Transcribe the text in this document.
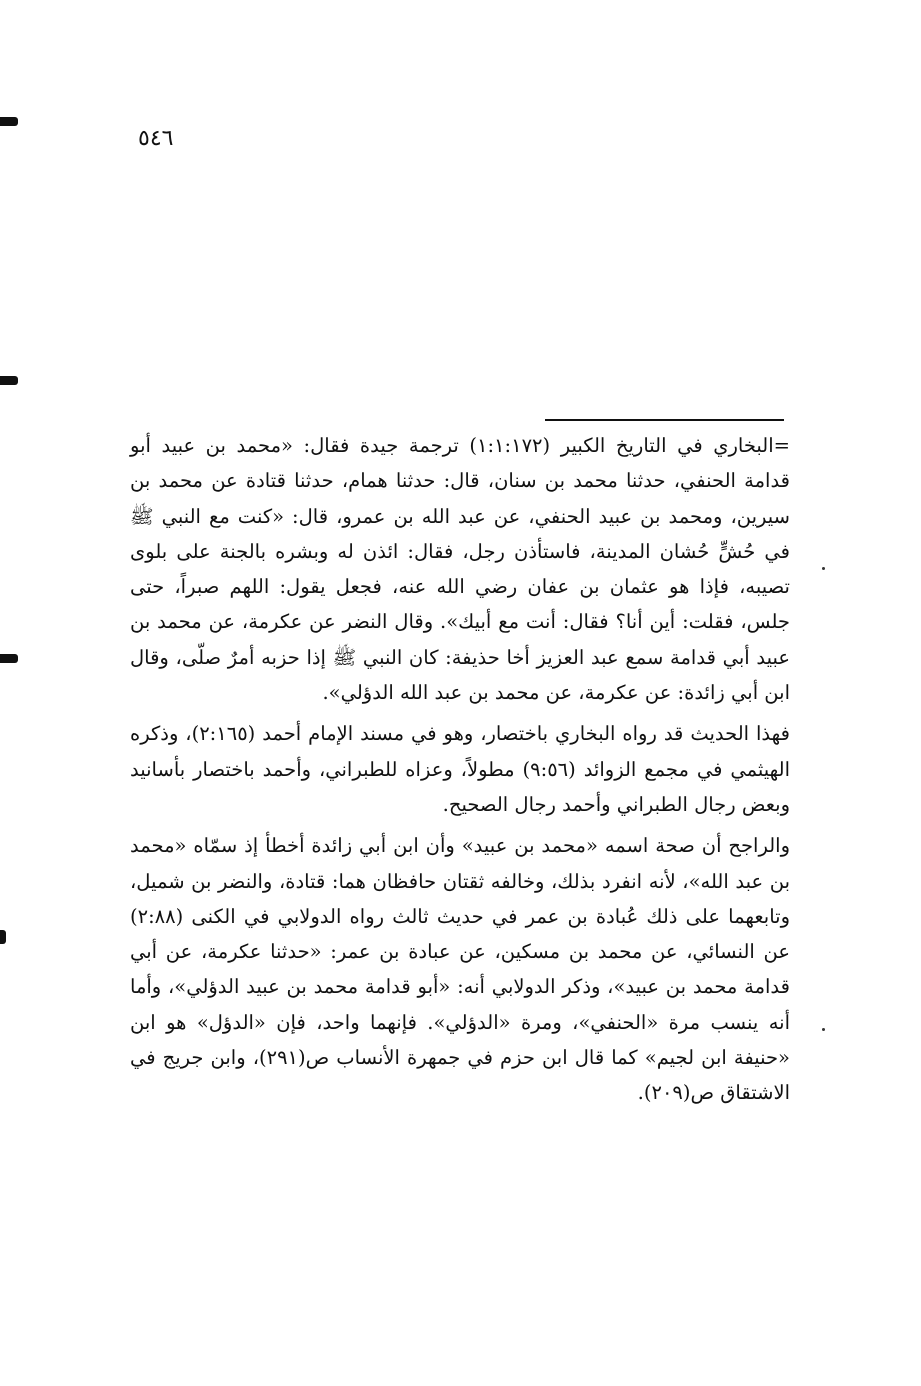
٥٤٦

=البخاري في التاريخ الكبير (١:١:١٧٢) ترجمة جيدة فقال: «محمد بن عبيد أبو قدامة الحنفي، حدثنا محمد بن سنان، قال: حدثنا همام، حدثنا قتادة عن محمد بن سيرين، ومحمد بن عبيد الحنفي، عن عبد الله بن عمرو، قال: «كنت مع النبي ﷺ في حُشٍّ حُشان المدينة، فاستأذن رجل، فقال: ائذن له وبشره بالجنة على بلوى تصيبه، فإذا هو عثمان بن عفان رضي الله عنه، فجعل يقول: اللهم صبراً، حتى جلس، فقلت: أين أنا؟ فقال: أنت مع أبيك». وقال النضر عن عكرمة، عن محمد بن عبيد أبي قدامة سمع عبد العزيز أخا حذيفة: كان النبي ﷺ إذا حزبه أمرٌ صلّى، وقال ابن أبي زائدة: عن عكرمة، عن محمد بن عبد الله الدؤلي».

فهذا الحديث قد رواه البخاري باختصار، وهو في مسند الإمام أحمد (٢:١٦٥)، وذكره الهيثمي في مجمع الزوائد (٩:٥٦) مطولاً، وعزاه للطبراني، وأحمد باختصار بأسانيد وبعض رجال الطبراني وأحمد رجال الصحيح.

والراجح أن صحة اسمه «محمد بن عبيد» وأن ابن أبي زائدة أخطأ إذ سمّاه «محمد بن عبد الله»، لأنه انفرد بذلك، وخالفه ثقتان حافظان هما: قتادة، والنضر بن شميل، وتابعهما على ذلك عُبادة بن عمر في حديث ثالث رواه الدولابي في الكنى (٢:٨٨) عن النسائي، عن محمد بن مسكين، عن عبادة بن عمر: «حدثنا عكرمة، عن أبي قدامة محمد بن عبيد»، وذكر الدولابي أنه: «أبو قدامة محمد بن عبيد الدؤلي»، وأما أنه ينسب مرة «الحنفي»، ومرة «الدؤلي». فإنهما واحد، فإن «الدؤل» هو ابن «حنيفة ابن لجيم» كما قال ابن حزم في جمهرة الأنساب ص(٢٩١)، وابن جريج في الاشتقاق ص(٢٠٩).
